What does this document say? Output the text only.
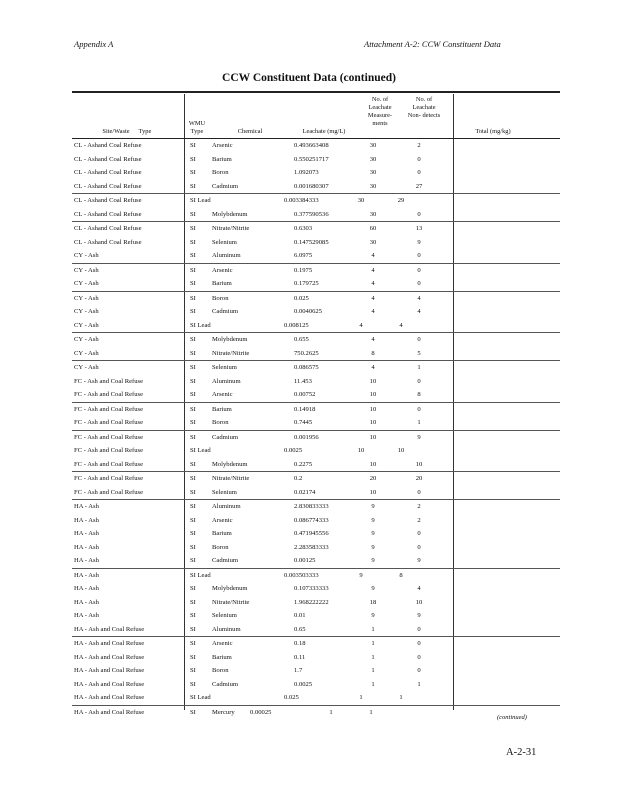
Appendix A	Attachment A-2: CCW Constituent Data
CCW Constituent Data (continued)
Site/Waste	Type
WMU Type	Chemical	Leachate (mg/L)
No. of Leachate Measure- ments
No. of Leachate Non- detects
Total (mg/kg)
CL - Ashand Coal Refuse	SI Arsenic	0.493663408	30	2
CL - Ashand Coal Refuse	SI Barium	0.550251717	30	0
CL - Ashand Coal Refuse	SI Boron	1.092073	30	0
CL - Ashand Coal Refuse	SI Cadmium	0.001680307	30	27
CL - Ashand Coal Refuse	SI Lead	0.003384333	30	29
CL - Ashand Coal Refuse	SI Molybdenum	0.377590536	30	0
CL - Ashand Coal Refuse	SI Nitrate/Nitrite	0.6303	60	13
CL - Ashand Coal Refuse	SI Selenium	0.147529085	30	9
CY - Ash	SI Aluminum	6.0975	4	0
CY - Ash	SI Arsenic	0.1975	4	0
CY - Ash	SI Barium	0.179725	4	0
CY - Ash	SI Boron	0.025	4	4
CY - Ash	SI Cadmium	0.0040625	4	4
CY - Ash	SI Lead	0.008125	4	4
CY - Ash	SI Molybdenum	0.655	4	0
CY - Ash	SI Nitrate/Nitrite	750.2625	8	5
CY - Ash	SI Selenium	0.086575	4	1
FC - Ash and Coal Refuse	SI Aluminum	11.453	10	0
FC - Ash and Coal Refuse	SI Arsenic	0.00752	10	8
FC - Ash and Coal Refuse	SI Barium	0.14918	10	0
FC - Ash and Coal Refuse	SI Boron	0.7445	10	1
FC - Ash and Coal Refuse	SI Cadmium	0.001956	10	9
FC - Ash and Coal Refuse	SI Lead	0.0025	10	10
FC - Ash and Coal Refuse	SI Molybdenum	0.2275	10	10
FC - Ash and Coal Refuse	SI Nitrate/Nitrite	0.2	20	20
FC - Ash and Coal Refuse	SI Selenium	0.02174	10	0
HA - Ash	SI Aluminum	2.830833333	9	2
HA - Ash	SI Arsenic	0.086774333	9	2
HA - Ash	SI Barium	0.471945556	9	0
HA - Ash	SI Boron	2.283583333	9	0
HA - Ash	SI Cadmium	0.00125	9	9
HA - Ash	SI Lead	0.003503333	9	8
HA - Ash	SI Molybdenum	0.107333333	9	4
HA - Ash	SI Nitrate/Nitrite	1.968222222	18	10
HA - Ash	SI Selenium	0.01	9	9
HA - Ash and Coal Refuse	SI Aluminum	0.65	1	0
HA - Ash and Coal Refuse	SI Arsenic	0.18	1	0
HA - Ash and Coal Refuse	SI Barium	0.11	1	0
HA - Ash and Coal Refuse	SI Boron	1.7	1	0
HA - Ash and Coal Refuse	SI Cadmium	0.0025	1	1
HA - Ash and Coal Refuse	SI Lead	0.025	1	1
HA - Ash and Coal Refuse	SI Mercury 0.00025	1	1
(continued)
A-2-31
